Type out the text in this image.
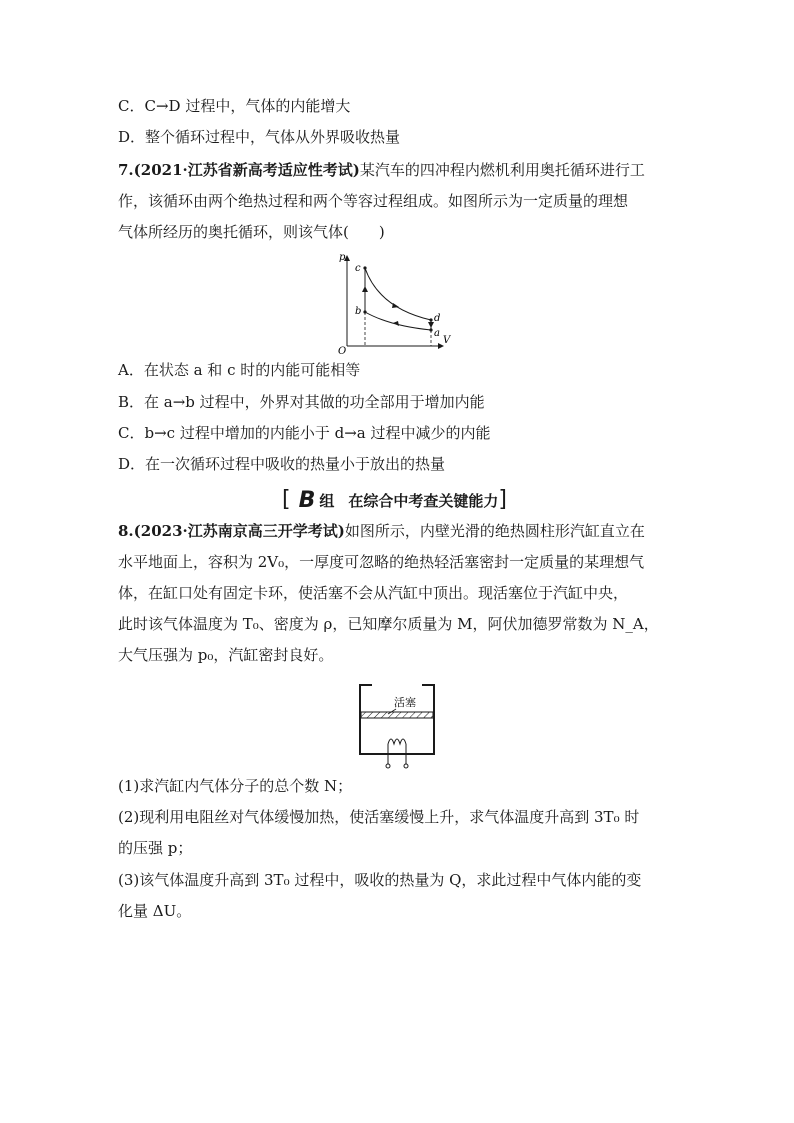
C．C→D 过程中，气体的内能增大
D．整个循环过程中，气体从外界吸收热量
7.(2021·江苏省新高考适应性考试)某汽车的四冲程内燃机利用奥托循环进行工
作，该循环由两个绝热过程和两个等容过程组成。如图所示为一定质量的理想
气体所经历的奥托循环，则该气体(　　)
p
V
O
c
b
d
a
A．在状态 a 和 c 时的内能可能相等
B．在 a→b 过程中，外界对其做的功全部用于增加内能
C．b→c 过程中增加的内能小于 d→a 过程中减少的内能
D．在一次循环过程中吸收的热量小于放出的热量
[ B 组 在综合中考查关键能力 ]
8.(2023·江苏南京高三开学考试)如图所示，内壁光滑的绝热圆柱形汽缸直立在
水平地面上，容积为 2V₀，一厚度可忽略的绝热轻活塞密封一定质量的某理想气
体，在缸口处有固定卡环，使活塞不会从汽缸中顶出。现活塞位于汽缸中央，
此时该气体温度为 T₀、密度为 ρ，已知摩尔质量为 M，阿伏加德罗常数为 N_A，
大气压强为 p₀，汽缸密封良好。
活塞
(1)求汽缸内气体分子的总个数 N；
(2)现利用电阻丝对气体缓慢加热，使活塞缓慢上升，求气体温度升高到 3T₀ 时
的压强 p；
(3)该气体温度升高到 3T₀ 过程中，吸收的热量为 Q，求此过程中气体内能的变
化量 ΔU。
